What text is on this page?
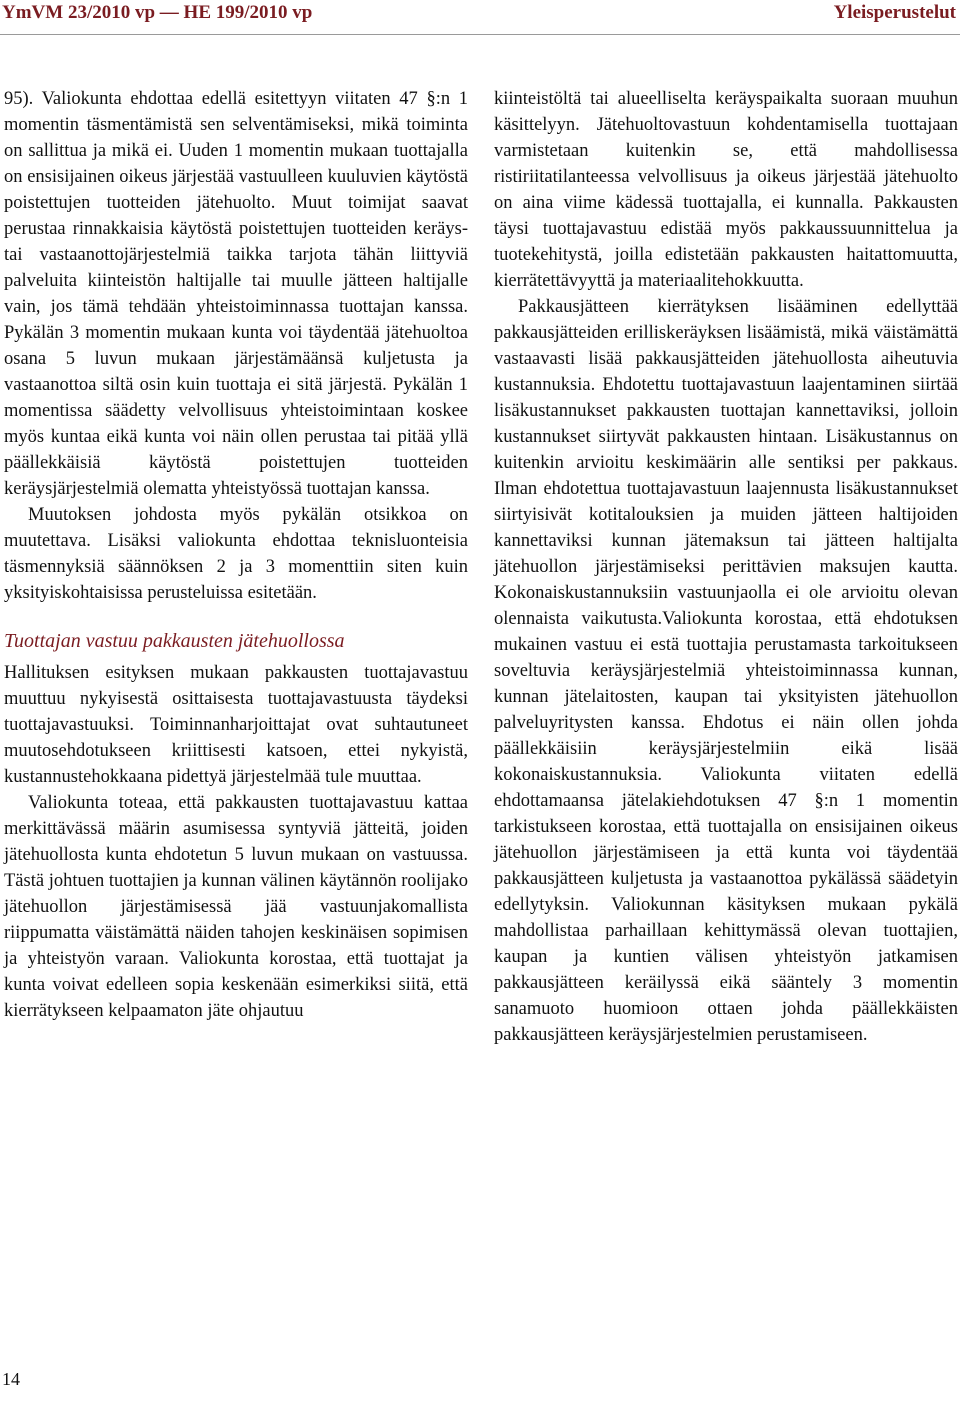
YmVM 23/2010 vp — HE 199/2010 vp	Yleisperustelut

95). Valiokunta ehdottaa edellä esitettyyn viitaten 47 §:n 1 momentin täsmentämistä sen selventämiseksi, mikä toiminta on sallittua ja mikä ei. Uuden 1 momentin mukaan tuottajalla on ensisijainen oikeus järjestää vastuulleen kuuluvien käytöstä poistettujen tuotteiden jätehuolto. Muut toimijat saavat perustaa rinnakkaisia käytöstä poistettujen tuotteiden keräys- tai vastaanottojärjestelmiä taikka tarjota tähän liittyviä palveluita kiinteistön haltijalle tai muulle jätteen haltijalle vain, jos tämä tehdään yhteistoiminnassa tuottajan kanssa. Pykälän 3 momentin mukaan kunta voi täydentää jätehuoltoa osana 5 luvun mukaan järjestämäänsä kuljetusta ja vastaanottoa siltä osin kuin tuottaja ei sitä järjestä. Pykälän 1 momentissa säädetty velvollisuus yhteistoimintaan koskee myös kuntaa eikä kunta voi näin ollen perustaa tai pitää yllä päällekkäisiä käytöstä poistettujen tuotteiden keräysjärjestelmiä olematta yhteistyössä tuottajan kanssa.

Muutoksen johdosta myös pykälän otsikkoa on muutettava. Lisäksi valiokunta ehdottaa teknisluonteisia täsmennyksiä säännöksen 2 ja 3 momenttiin siten kuin yksityiskohtaisissa perusteluissa esitetään.

Tuottajan vastuu pakkausten jätehuollossa

Hallituksen esityksen mukaan pakkausten tuottajavastuu muuttuu nykyisestä osittaisesta tuottajavastuusta täydeksi tuottajavastuuksi. Toiminnanharjoittajat ovat suhtautuneet muutosehdotukseen kriittisesti katsoen, ettei nykyistä, kustannustehokkaana pidettyä järjestelmää tule muuttaa.

Valiokunta toteaa, että pakkausten tuottajavastuu kattaa merkittävässä määrin asumisessa syntyviä jätteitä, joiden jätehuollosta kunta ehdotetun 5 luvun mukaan on vastuussa. Tästä johtuen tuottajien ja kunnan välinen käytännön roolijako jätehuollon järjestämisessä jää vastuunjakomallista riippumatta väistämättä näiden tahojen keskinäisen sopimisen ja yhteistyön varaan. Valiokunta korostaa, että tuottajat ja kunta voivat edelleen sopia keskenään esimerkiksi siitä, että kierrätykseen kelpaamaton jäte ohjautuu

kiinteistöltä tai alueelliselta keräyspaikalta suoraan muuhun käsittelyyn. Jätehuoltovastuun kohdentamisella tuottajaan varmistetaan kuitenkin se, että mahdollisessa ristiriitatilanteessa velvollisuus ja oikeus järjestää jätehuolto on aina viime kädessä tuottajalla, ei kunnalla. Pakkausten täysi tuottajavastuu edistää myös pakkaussuunnittelua ja tuotekehitystä, joilla edistetään pakkausten haitattomuutta, kierrätettävyyttä ja materiaalitehokkuutta.

Pakkausjätteen kierrätyksen lisääminen edellyttää pakkausjätteiden erilliskeräyksen lisäämistä, mikä väistämättä vastaavasti lisää pakkausjätteiden jätehuollosta aiheutuvia kustannuksia. Ehdotettu tuottajavastuun laajentaminen siirtää lisäkustannukset pakkausten tuottajan kannettaviksi, jolloin kustannukset siirtyvät pakkausten hintaan. Lisäkustannus on kuitenkin arvioitu keskimäärin alle sentiksi per pakkaus. Ilman ehdotettua tuottajavastuun laajennusta lisäkustannukset siirtyisivät kotitalouksien ja muiden jätteen haltijoiden kannettaviksi kunnan jätemaksun tai jätteen haltijalta jätehuollon järjestämiseksi perittävien maksujen kautta. Kokonaiskustannuksiin vastuunjaolla ei ole arvioitu olevan olennaista vaikutusta.Valiokunta korostaa, että ehdotuksen mukainen vastuu ei estä tuottajia perustamasta tarkoitukseen soveltuvia keräysjärjestelmiä yhteistoiminnassa kunnan, kunnan jätelaitosten, kaupan tai yksityisten jätehuollon palveluyritysten kanssa. Ehdotus ei näin ollen johda päällekkäisiin keräysjärjestelmiin eikä lisää kokonaiskustannuksia. Valiokunta viitaten edellä ehdottamaansa jätelakiehdotuksen 47 §:n 1 momentin tarkistukseen korostaa, että tuottajalla on ensisijainen oikeus jätehuollon järjestämiseen ja että kunta voi täydentää pakkausjätteen kuljetusta ja vastaanottoa pykälässä säädetyin edellytyksin. Valiokunnan käsityksen mukaan pykälä mahdollistaa parhaillaan kehittymässä olevan tuottajien, kaupan ja kuntien välisen yhteistyön jatkamisen pakkausjätteen keräilyssä eikä sääntely 3 momentin sanamuoto huomioon ottaen johda päällekkäisten pakkausjätteen keräysjärjestelmien perustamiseen.

14
